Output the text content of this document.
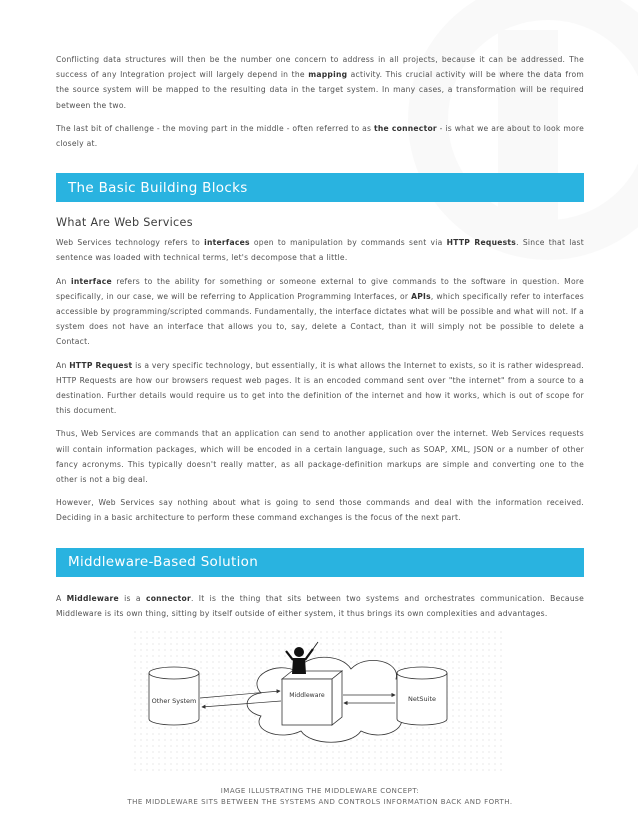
Conflicting data structures will then be the number one concern to address in all projects, because it can be addressed. The success of any Integration project will largely depend in the mapping activity. This crucial activity will be where the data from the source system will be mapped to the resulting data in the target system. In many cases, a transformation will be required between the two.

The last bit of challenge - the moving part in the middle - often referred to as the connector - is what we are about to look more closely at.

The Basic Building Blocks
What Are Web Services

Web Services technology refers to interfaces open to manipulation by commands sent via HTTP Requests. Since that last sentence was loaded with technical terms, let's decompose that a little.

An interface refers to the ability for something or someone external to give commands to the software in question. More specifically, in our case, we will be referring to Application Programming Interfaces, or APIs, which specifically refer to interfaces accessible by programming/scripted commands. Fundamentally, the interface dictates what will be possible and what will not. If a system does not have an interface that allows you to, say, delete a Contact, than it will simply not be possible to delete a Contact.

An HTTP Request is a very specific technology, but essentially, it is what allows the Internet to exists, so it is rather widespread. HTTP Requests are how our browsers request web pages. It is an encoded command sent over "the internet" from a source to a destination. Further details would require us to get into the definition of the internet and how it works, which is out of scope for this document.

Thus, Web Services are commands that an application can send to another application over the internet. Web Services requests will contain information packages, which will be encoded in a certain language, such as SOAP, XML, JSON or a number of other fancy acronyms. This typically doesn't really matter, as all package-definition markups are simple and converting one to the other is not a big deal.

However, Web Services say nothing about what is going to send those commands and deal with the information received. Deciding in a basic architecture to perform these command exchanges is the focus of the next part.

Middleware-Based Solution

A Middleware is a connector. It is the thing that sits between two systems and orchestrates communication. Because Middleware is its own thing, sitting by itself outside of either system, it thus brings its own complexities and advantages.

Other System	NetSuite
Middleware
IMAGE ILLUSTRATING THE MIDDLEWARE CONCEPT:
THE MIDDLEWARE SITS BETWEEN THE SYSTEMS AND CONTROLS INFORMATION BACK AND FORTH.
